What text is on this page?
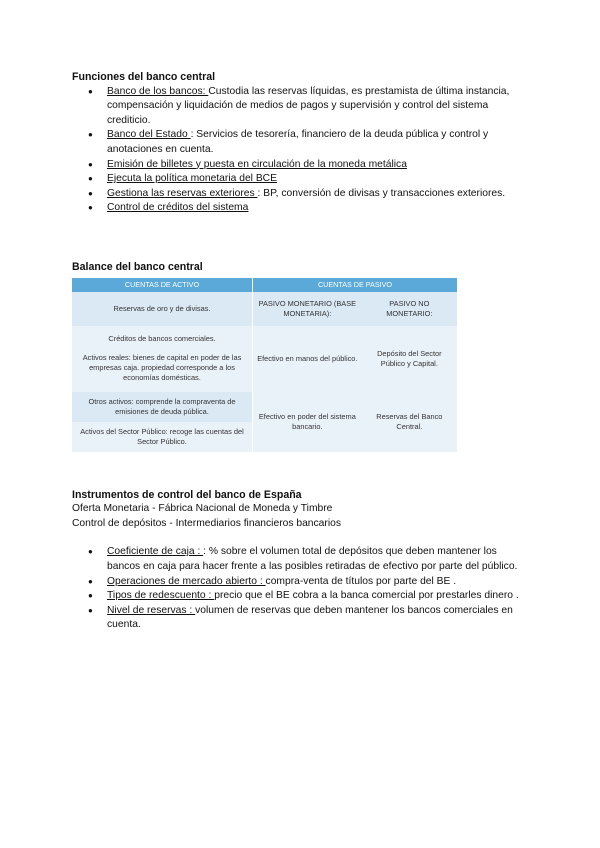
Funciones del banco central
● Banco de los bancos: Custodia las reservas líquidas, es prestamista de última instancia, compensación y liquidación de medios de pagos y supervisión y control del sistema crediticio.
● Banco del Estado : Servicios de tesorería, financiero de la deuda pública y control y anotaciones en cuenta.
● Emisión de billetes y puesta en circulación de la moneda metálica
● Ejecuta la política monetaria del BCE
● Gestiona las reservas exteriores : BP, conversión de divisas y transacciones exteriores.
● Control de créditos del sistema
Balance del banco central
CUENTAS DE ACTIVO	CUENTAS DE PASIVO	
Reservas de oro y de divisas.	PASIVO MONETARIO (BASE MONETARIA):	PASIVO NO MONETARIO:

Créditos de bancos comerciales.
Activos reales: bienes de capital en poder de las empresas caja. propiedad corresponde a los economías domésticas.	Efectivo en manos del público.	Depósito del Sector Público y Capital.
Otros activos: comprende la compraventa de emisiones de deuda pública.	Efectivo en poder del sistema bancario.	Reservas del Banco Central.
Activos del Sector Público: recoge las cuentas del Sector Público.		
Instrumentos de control del banco de España

Oferta Monetaria - Fábrica Nacional de Moneda y Timbre

Control de depósitos - Intermediarios financieros bancarios

● Coeficiente de caja : : % sobre el volumen total de depósitos que deben mantener los bancos en caja para hacer frente a las posibles retiradas de efectivo por parte del público.
● Operaciones de mercado abierto : compra-venta de títulos por parte del BE .
● Tipos de redescuento : precio que el BE cobra a la banca comercial por prestarles dinero .
● Nivel de reservas : volumen de reservas que deben mantener los bancos comerciales en cuenta.
